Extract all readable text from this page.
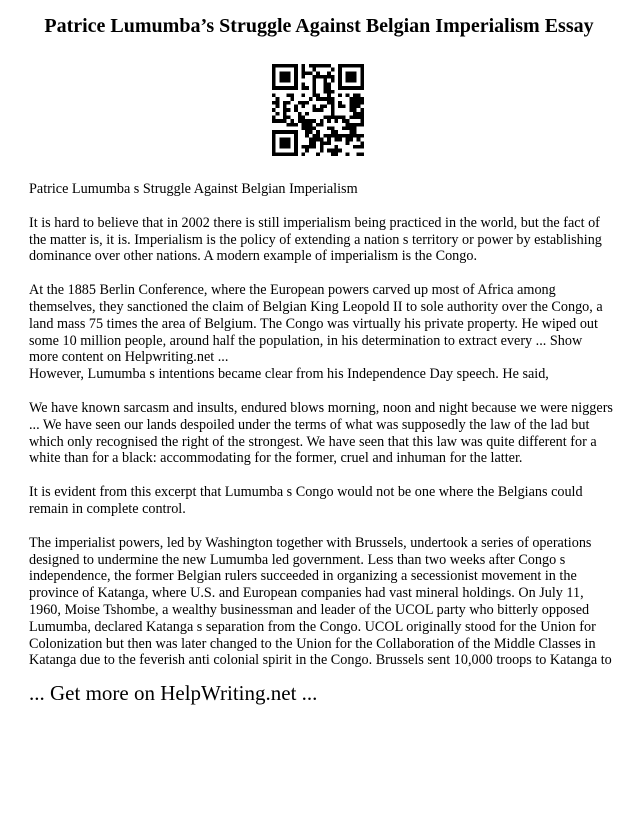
Patrice Lumumba’s Struggle Against Belgian Imperialism Essay

Patrice Lumumba s Struggle Against Belgian Imperialism

It is hard to believe that in 2002 there is still imperialism being practiced in the world, but the fact of the matter is, it is. Imperialism is the policy of extending a nation s territory or power by establishing dominance over other nations. A modern example of imperialism is the Congo.

At the 1885 Berlin Conference, where the European powers carved up most of Africa among themselves, they sanctioned the claim of Belgian King Leopold II to sole authority over the Congo, a land mass 75 times the area of Belgium. The Congo was virtually his private property. He wiped out some 10 million people, around half the population, in his determination to extract every ... Show more content on Helpwriting.net ...

However, Lumumba s intentions became clear from his Independence Day speech. He said,

We have known sarcasm and insults, endured blows morning, noon and night because we were niggers ... We have seen our lands despoiled under the terms of what was supposedly the law of the lad but which only recognised the right of the strongest. We have seen that this law was quite different for a white than for a black: accommodating for the former, cruel and inhuman for the latter.

It is evident from this excerpt that Lumumba s Congo would not be one where the Belgians could remain in complete control.

The imperialist powers, led by Washington together with Brussels, undertook a series of operations designed to undermine the new Lumumba led government. Less than two weeks after Congo s independence, the former Belgian rulers succeeded in organizing a secessionist movement in the province of Katanga, where U.S. and European companies had vast mineral holdings. On July 11, 1960, Moise Tshombe, a wealthy businessman and leader of the UCOL party who bitterly opposed Lumumba, declared Katanga s separation from the Congo. UCOL originally stood for the Union for Colonization but then was later changed to the Union for the Collaboration of the Middle Classes in Katanga due to the feverish anti colonial spirit in the Congo. Brussels sent 10,000 troops to Katanga to

... Get more on HelpWriting.net ...
